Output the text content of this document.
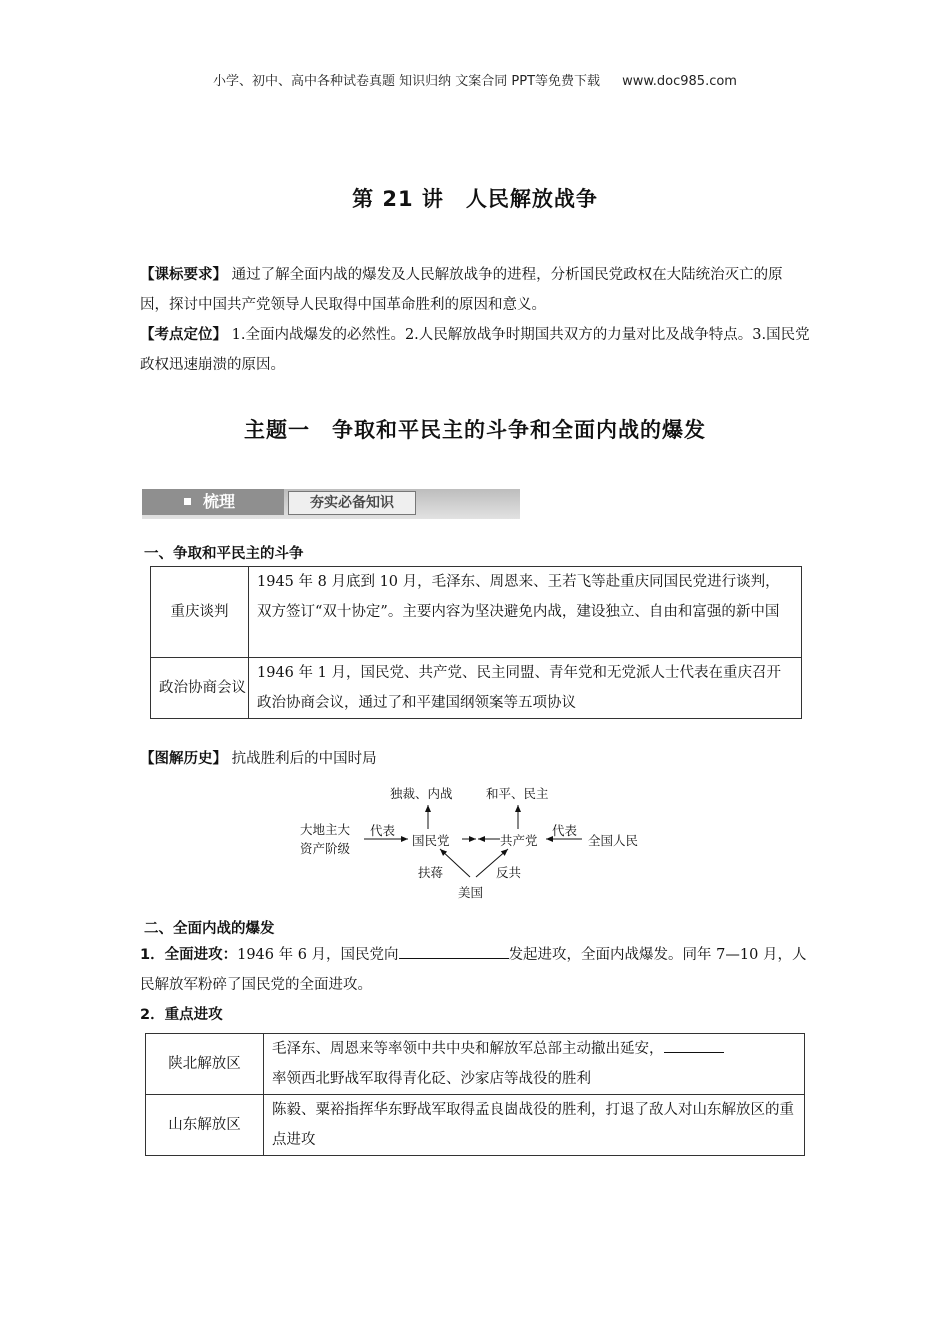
小学、初中、高中各种试卷真题 知识归纳 文案合同 PPT等免费下载 www.doc985.com
第 21 讲　人民解放战争
【课标要求】 通过了解全面内战的爆发及人民解放战争的进程，分析国民党政权在大陆统治灭亡的原因，探讨中国共产党领导人民取得中国革命胜利的原因和意义。
【考点定位】 1.全面内战爆发的必然性。2.人民解放战争时期国共双方的力量对比及战争特点。3.国民党政权迅速崩溃的原因。
主题一　争取和平民主的斗争和全面内战的爆发
梳理	夯实必备知识
一、争取和平民主的斗争
重庆谈判	1945 年 8 月底到 10 月，毛泽东、周恩来、王若飞等赴重庆同国民党进行谈判，双方签订“双十协定”。主要内容为坚决避免内战，建设独立、自由和富强的新中国
政治协商会议	1946 年 1 月，国民党、共产党、民主同盟、青年党和无党派人士代表在重庆召开政治协商会议，通过了和平建国纲领案等五项协议
【图解历史】 抗战胜利后的中国时局
大地主大
资产阶级
代表
国民党	共产党
代表
全国人民
独裁、内战	和平、民主
扶蒋	反共
美国
二、全面内战的爆发
1．全面进攻：1946 年 6 月，国民党向	发起进攻，全面内战爆发。同年 7—10 月，人民解放军粉碎了国民党的全面进攻。
2．重点进攻
陕北解放区	毛泽东、周恩来等率领中共中央和解放军总部主动撤出延安，
率领西北野战军取得青化砭、沙家店等战役的胜利
山东解放区	陈毅、粟裕指挥华东野战军取得孟良崮战役的胜利，打退了敌人对山东解放区的重点进攻
